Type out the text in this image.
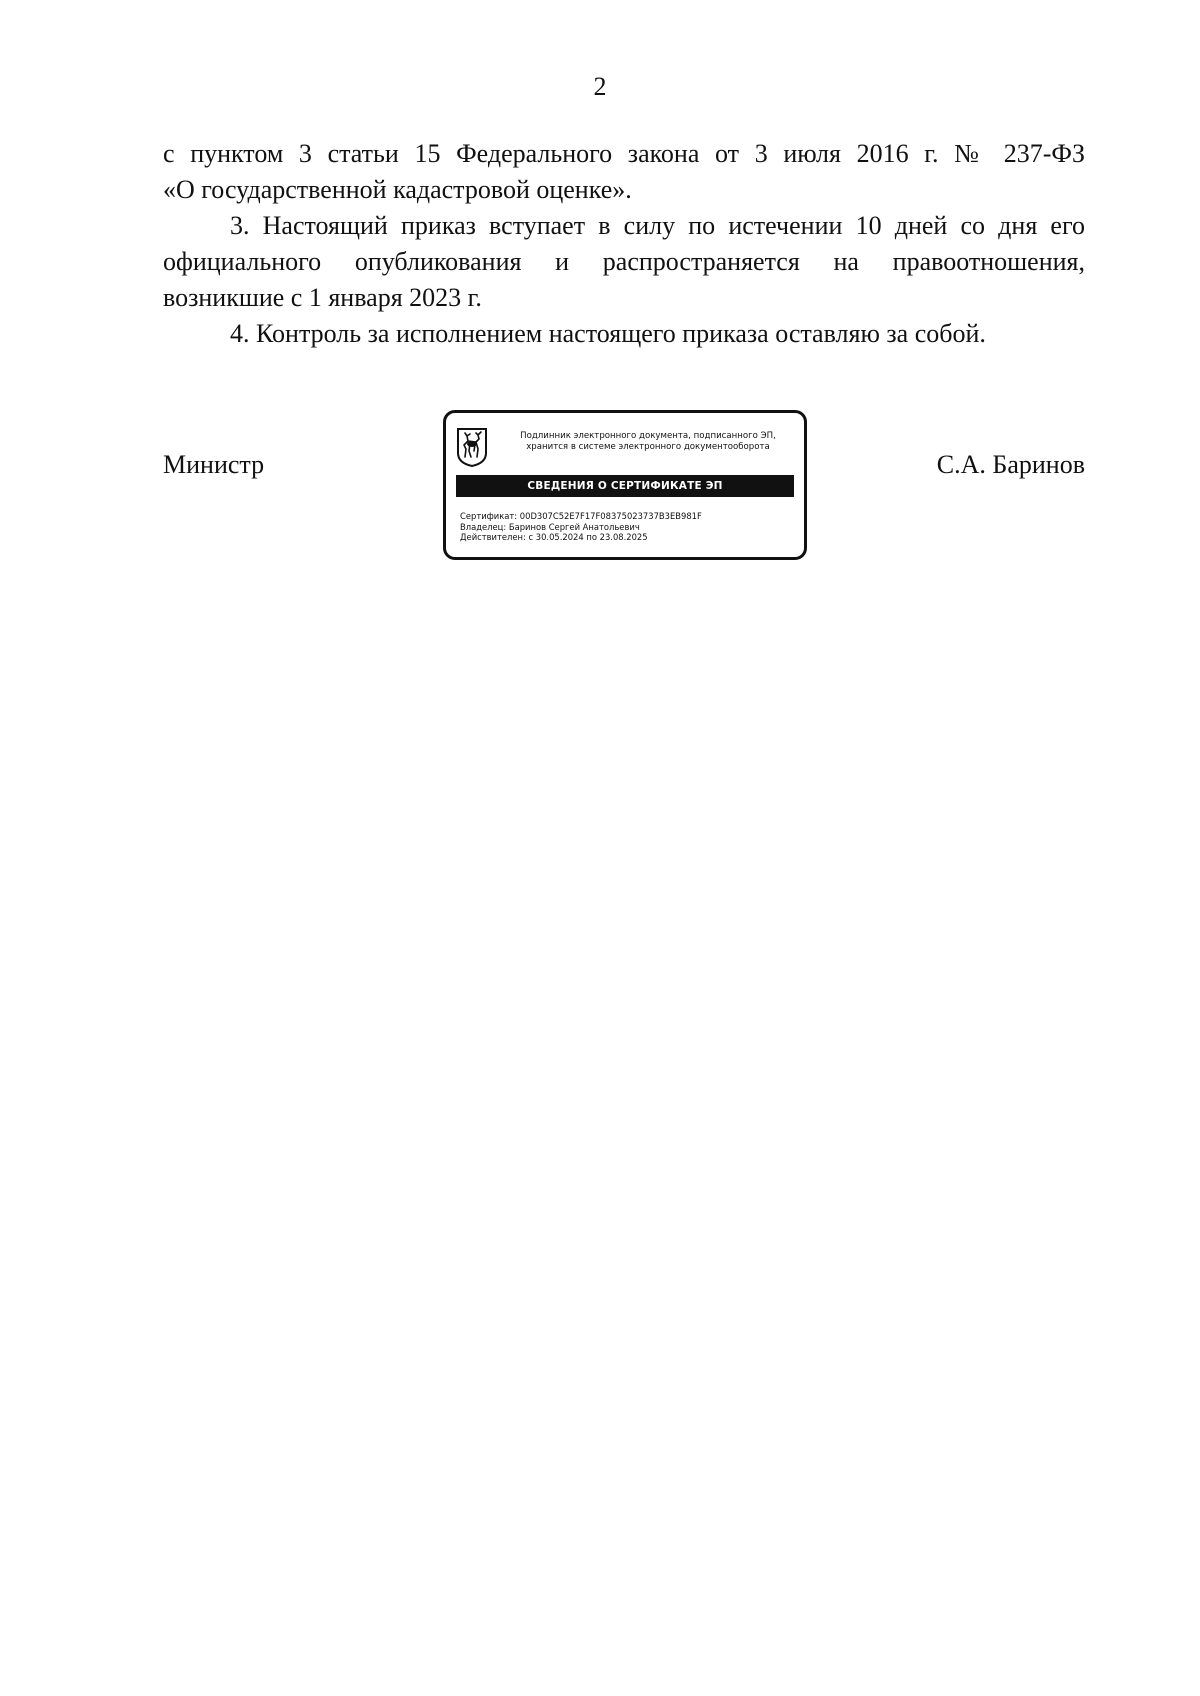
2

с пунктом 3 статьи 15 Федерального закона от 3 июля 2016 г. № 237-ФЗ
«О государственной кадастровой оценке».

3. Настоящий приказ вступает в силу по истечении 10 дней со дня его
официального опубликования и распространяется на правоотношения,
возникшие с 1 января 2023 г.

4. Контроль за исполнением настоящего приказа оставляю за собой.

Министр	С.А. Баринов
Подлинник электронного документа, подписанного ЭП,
хранится в системе электронного документооборота
СВЕДЕНИЯ О СЕРТИФИКАТЕ ЭП
Сертификат: 00D307C52E7F17F08375023737B3EB981F
Владелец: Баринов Сергей Анатольевич
Действителен: с 30.05.2024 по 23.08.2025
